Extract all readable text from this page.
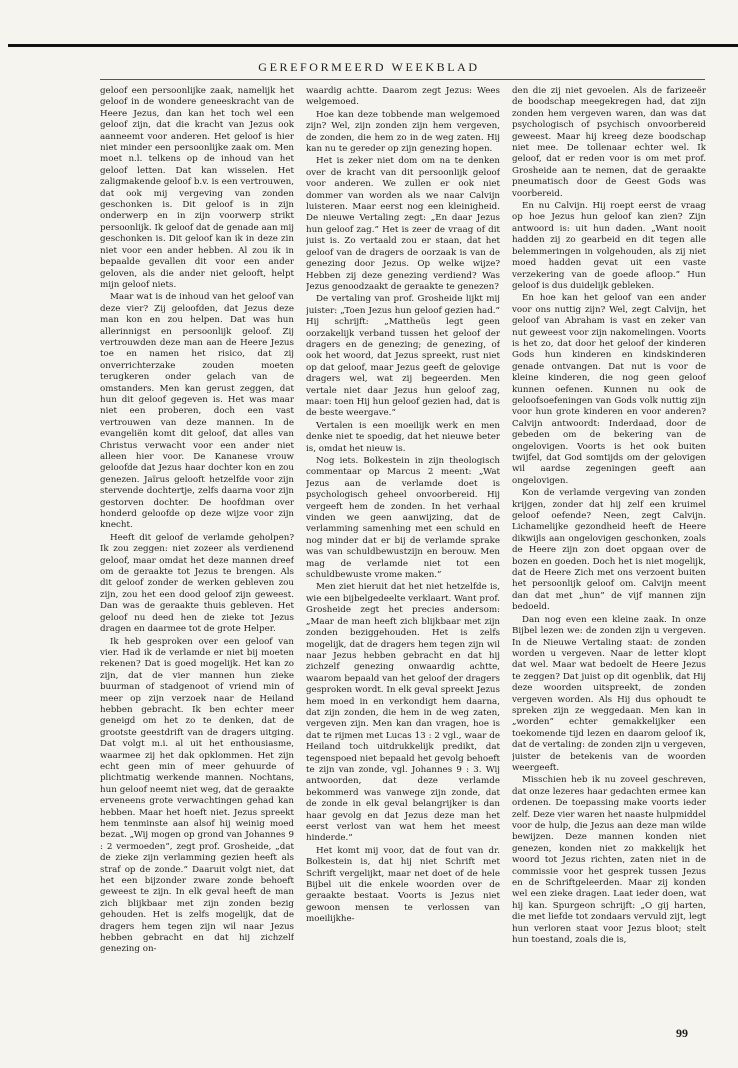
GEREFORMEERD WEEKBLAD

geloof een persoonlijke zaak, namelijk het geloof in de wondere geneeskracht van de Heere Jezus, dan kan het toch wel een geloof zijn, dat die kracht van Jezus ook aanneemt voor anderen. Het geloof is hier niet minder een persoonlijke zaak om. Men moet n.l. telkens op de inhoud van het geloof letten. Dat kan wisselen. Het zaligmakende geloof b.v. is een vertrouwen, dat ook mij vergeving van zonden geschonken is. Dit geloof is in zijn onderwerp en in zijn voorwerp strikt persoonlijk. Ik geloof dat de genade aan mij geschonken is. Dit geloof kan ik in deze zin niet voor een ander hebben. Al zou ik in bepaalde gevallen dit voor een ander geloven, als die ander niet gelooft, helpt mijn geloof niets.

Maar wat is de inhoud van het geloof van deze vier? Zij geloofden, dat Jezus deze man kon en zou helpen. Dat was hun allerinnigst en persoonlijk geloof. Zij vertrouwden deze man aan de Heere Jezus toe en namen het risico, dat zij onverrichterzake zouden moeten terugkeren onder gelach van de omstanders. Men kan gerust zeggen, dat hun dit geloof gegeven is. Het was maar niet een proberen, doch een vast vertrouwen van deze mannen. In de evangeliën komt dit geloof, dat alles van Christus verwacht voor een ander niet alleen hier voor. De Kananese vrouw geloofde dat Jezus haar dochter kon en zou genezen. Jaïrus gelooft hetzelfde voor zijn stervende dochtertje, zelfs daarna voor zijn gestorven dochter. De hoofdman over honderd geloofde op deze wijze voor zijn knecht.

Heeft dit geloof de verlamde geholpen? Ik zou zeggen: niet zozeer als verdienend geloof, maar omdat het deze mannen dreef om de geraakte tot Jezus te brengen. Als dit geloof zonder de werken gebleven zou zijn, zou het een dood geloof zijn geweest. Dan was de geraakte thuis gebleven. Het geloof nu deed hen de zieke tot Jezus dragen en daarmee tot de grote Helper.

Ik heb gesproken over een geloof van vier. Had ik de verlamde er niet bij moeten rekenen? Dat is goed mogelijk. Het kan zo zijn, dat de vier mannen hun zieke buurman of stadgenoot of vriend min of meer op zijn verzoek naar de Heiland hebben gebracht. Ik ben echter meer geneigd om het zo te denken, dat de grootste geestdrift van de dragers uitging. Dat volgt m.i. al uit het enthousiasme, waarmee zij het dak opklommen. Het zijn echt geen min of meer gehuurde of plichtmatig werkende mannen. Nochtans, hun geloof neemt niet weg, dat de geraakte erveneens grote verwachtingen gehad kan hebben. Maar het hoeft niet. Jezus spreekt hem tenminste aan alsof hij weinig moed bezat. „Wij mogen op grond van Johannes 9 : 2 vermoeden”, zegt prof. Grosheide, „dat de zieke zijn verlamming gezien heeft als straf op de zonde.” Daaruit volgt niet, dat het een bijzonder zware zonde behoeft geweest te zijn. In elk geval heeft de man zich blijkbaar met zijn zonden bezig gehouden. Het is zelfs mogelijk, dat de dragers hem tegen zijn wil naar Jezus hebben gebracht en dat hij zichzelf genezing on-

waardig achtte. Daarom zegt Jezus: Wees welgemoed.

Hoe kan deze tobbende man welgemoed zijn? Wel, zijn zonden zijn hem vergeven, de zonden, die hem zo in de weg zaten. Hij kan nu te gereder op zijn genezing hopen.

Het is zeker niet dom om na te denken over de kracht van dit persoonlijk geloof voor anderen. We zullen er ook niet dommer van worden als we naar Calvijn luisteren. Maar eerst nog een kleinigheid. De nieuwe Vertaling zegt: „En daar Jezus hun geloof zag.” Het is zeer de vraag of dit juist is. Zo vertaald zou er staan, dat het geloof van de dragers de oorzaak is van de genezing door Jezus. Op welke wijze? Hebben zij deze genezing verdiend? Was Jezus genoodzaakt de geraakte te genezen?

De vertaling van prof. Grosheide lijkt mij juister: „Toen Jezus hun geloof gezien had.” Hij schrijft: „Mattheüs legt geen oorzakelijk verband tussen het geloof der dragers en de genezing; de genezing, of ook het woord, dat Jezus spreekt, rust niet op dat geloof, maar Jezus geeft de gelovige dragers wel, wat zij begeerden. Men vertale niet daar Jezus hun geloof zag, maar: toen Hij hun geloof gezien had, dat is de beste weergave.”

Vertalen is een moeilijk werk en men denke niet te spoedig, dat het nieuwe beter is, omdat het nieuw is.

Nog iets. Bolkestein in zijn theologisch commentaar op Marcus 2 meent: „Wat Jezus aan de verlamde doet is psychologisch geheel onvoorbereid. Hij vergeeft hem de zonden. In het verhaal vinden we geen aanwijzing, dat de verlamming samenhing met een schuld en nog minder dat er bij de verlamde sprake was van schuldbewustzijn en berouw. Men mag de verlamde niet tot een schuldbewuste vrome maken.”

Men ziet hieruit dat het niet hetzelfde is, wie een bijbelgedeelte verklaart. Want prof. Grosheide zegt het precies andersom: „Maar de man heeft zich blijkbaar met zijn zonden beziggehouden. Het is zelfs mogelijk, dat de dragers hem tegen zijn wil naar Jezus hebben gebracht en dat hij zichzelf genezing onwaardig achtte, waarom bepaald van het geloof der dragers gesproken wordt. In elk geval spreekt Jezus hem moed in en verkondigt hem daarna, dat zijn zonden, die hem in de weg zaten, vergeven zijn. Men kan dan vragen, hoe is dat te rijmen met Lucas 13 : 2 vgl., waar de Heiland toch uitdrukkelijk predikt, dat tegenspoed niet bepaald het gevolg behoeft te zijn van zonde, vgl. Johannes 9 : 3. Wij antwoorden, dat deze verlamde bekommerd was vanwege zijn zonde, dat de zonde in elk geval belangrijker is dan haar gevolg en dat Jezus deze man het eerst verlost van wat hem het meest hinderde.”

Het komt mij voor, dat de fout van dr. Bolkestein is, dat hij niet Schrift met Schrift vergelijkt, maar net doet of de hele Bijbel uit die enkele woorden over de geraakte bestaat. Voorts is Jezus niet gewoon mensen te verlossen van moeilijkhe-

den die zij niet gevoelen. Als de farizeeër de boodschap meegekregen had, dat zijn zonden hem vergeven waren, dan was dat psychologisch of psychisch onvoorbereid geweest. Maar hij kreeg deze boodschap niet mee. De tollenaar echter wel. Ik geloof, dat er reden voor is om met prof. Grosheide aan te nemen, dat de geraakte pneumatisch door de Geest Gods was voorbereid.

En nu Calvijn. Hij roept eerst de vraag op hoe Jezus hun geloof kan zien? Zijn antwoord is: uit hun daden. „Want nooit hadden zij zo gearbeid en dit tegen alle belemmeringen in volgehouden, als zij niet moed hadden gevat uit een vaste verzekering van de goede afloop.” Hun geloof is dus duidelijk gebleken.

En hoe kan het geloof van een ander voor ons nuttig zijn? Wel, zegt Calvijn, het geloof van Abraham is vast en zeker van nut geweest voor zijn nakomelingen. Voorts is het zo, dat door het geloof der kinderen Gods hun kinderen en kindskinderen genade ontvangen. Dat nut is voor de kleine kinderen, die nog geen geloof kunnen oefenen. Kunnen nu ook de geloofsoefeningen van Gods volk nuttig zijn voor hun grote kinderen en voor anderen? Calvijn antwoordt: Inderdaad, door de gebeden om de bekering van de ongelovigen. Voorts is het ook buiten twijfel, dat God somtijds om der gelovigen wil aardse zegeningen geeft aan ongelovigen.

Kon de verlamde vergeving van zonden krijgen, zonder dat hij zelf een kruimel geloof oefende? Neen, zegt Calvijn. Lichamelijke gezondheid heeft de Heere dikwijls aan ongelovigen geschonken, zoals de Heere zijn zon doet opgaan over de bozen en goeden. Doch het is niet mogelijk, dat de Heere Zich met ons verzoent buiten het persoonlijk geloof om. Calvijn meent dan dat met „hun” de vijf mannen zijn bedoeld.

Dan nog even een kleine zaak. In onze Bijbel lezen we: de zonden zijn u vergeven. In de Nieuwe Vertaling staat: de zonden worden u vergeven. Naar de letter klopt dat wel. Maar wat bedoelt de Heere Jezus te zeggen? Dat juist op dit ogenblik, dat Hij deze woorden uitspreekt, de zonden vergeven worden. Als Hij dus ophoudt te spreken zijn ze weggedaan. Men kan in „worden” echter gemakkelijker een toekomende tijd lezen en daarom geloof ik, dat de vertaling: de zonden zijn u vergeven, juister de betekenis van de woorden weergeeft.

Misschien heb ik nu zoveel geschreven, dat onze lezeres haar gedachten ermee kan ordenen. De toepassing make voorts ieder zelf. Deze vier waren het naaste hulpmiddel voor de hulp, die Jezus aan deze man wilde bewijzen. Deze mannen konden niet genezen, konden niet zo makkelijk het woord tot Jezus richten, zaten niet in de commissie voor het gesprek tussen Jezus en de Schriftgeleerden. Maar zij konden wel een zieke dragen. Laat ieder doen, wat hij kan. Spurgeon schrijft: „O gij harten, die met liefde tot zondaars vervuld zijt, legt hun verloren staat voor Jezus bloot; stelt hun toestand, zoals die is,

99
